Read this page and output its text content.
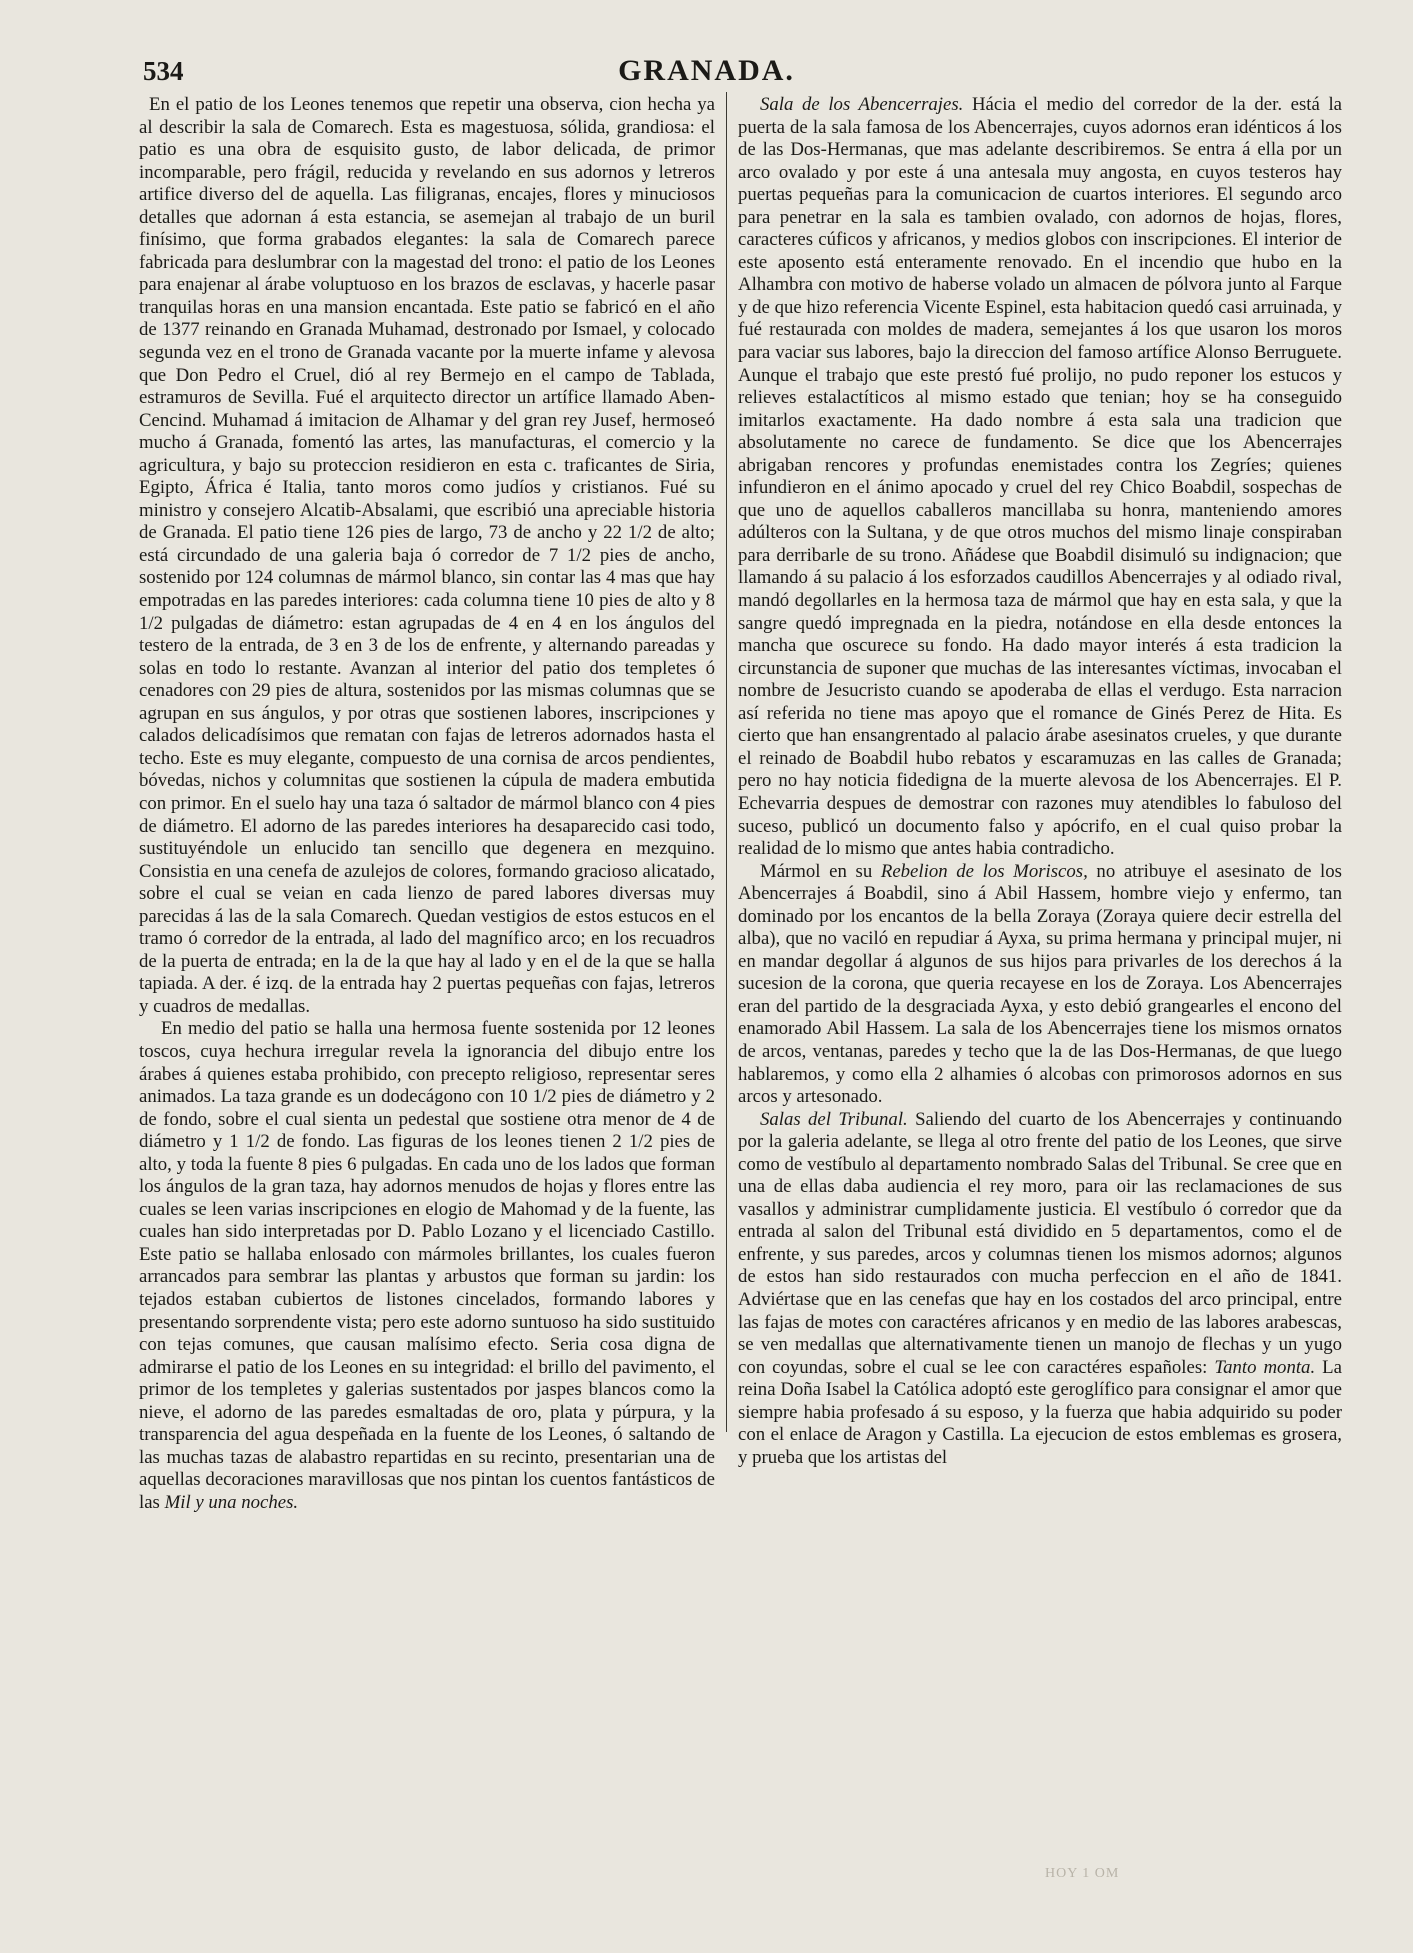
534	GRANADA.

En el patio de los Leones tenemos que repetir una observa, cion hecha ya al describir la sala de Comarech. Esta es magestuosa, sólida, grandiosa: el patio es una obra de esquisito gusto, de labor delicada, de primor incomparable, pero frágil, reducida y revelando en sus adornos y letreros artifice diverso del de aquella. Las filigranas, encajes, flores y minuciosos detalles que adornan á esta estancia, se asemejan al trabajo de un buril finísimo, que forma grabados elegantes: la sala de Comarech parece fabricada para deslumbrar con la magestad del trono: el patio de los Leones para enajenar al árabe voluptuoso en los brazos de esclavas, y hacerle pasar tranquilas horas en una mansion encantada. Este patio se fabricó en el año de 1377 reinando en Granada Muhamad, destronado por Ismael, y colocado segunda vez en el trono de Granada vacante por la muerte infame y alevosa que Don Pedro el Cruel, dió al rey Bermejo en el campo de Tablada, estramuros de Sevilla. Fué el arquitecto director un artífice llamado Aben-Cencind. Muhamad á imitacion de Alhamar y del gran rey Jusef, hermoseó mucho á Granada, fomentó las artes, las manufacturas, el comercio y la agricultura, y bajo su proteccion residieron en esta c. traficantes de Siria, Egipto, África é Italia, tanto moros como judíos y cristianos. Fué su ministro y consejero Alcatib-Absalami, que escribió una apreciable historia de Granada. El patio tiene 126 pies de largo, 73 de ancho y 22 1/2 de alto; está circundado de una galeria baja ó corredor de 7 1/2 pies de ancho, sostenido por 124 columnas de mármol blanco, sin contar las 4 mas que hay empotradas en las paredes interiores: cada columna tiene 10 pies de alto y 8 1/2 pulgadas de diámetro: estan agrupadas de 4 en 4 en los ángulos del testero de la entrada, de 3 en 3 de los de enfrente, y alternando pareadas y solas en todo lo restante. Avanzan al interior del patio dos templetes ó cenadores con 29 pies de altura, sostenidos por las mismas columnas que se agrupan en sus ángulos, y por otras que sostienen labores, inscripciones y calados delicadísimos que rematan con fajas de letreros adornados hasta el techo. Este es muy elegante, compuesto de una cornisa de arcos pendientes, bóvedas, nichos y columnitas que sostienen la cúpula de madera embutida con primor. En el suelo hay una taza ó saltador de mármol blanco con 4 pies de diámetro. El adorno de las paredes interiores ha desaparecido casi todo, sustituyéndole un enlucido tan sencillo que degenera en mezquino. Consistia en una cenefa de azulejos de colores, formando gracioso alicatado, sobre el cual se veian en cada lienzo de pared labores diversas muy parecidas á las de la sala Comarech. Quedan vestigios de estos estucos en el tramo ó corredor de la entrada, al lado del magnífico arco; en los recuadros de la puerta de entrada; en la de la que hay al lado y en el de la que se halla tapiada. A der. é izq. de la entrada hay 2 puertas pequeñas con fajas, letreros y cuadros de medallas.

En medio del patio se halla una hermosa fuente sostenida por 12 leones toscos, cuya hechura irregular revela la ignorancia del dibujo entre los árabes á quienes estaba prohibido, con precepto religioso, representar seres animados. La taza grande es un dodecágono con 10 1/2 pies de diámetro y 2 de fondo, sobre el cual sienta un pedestal que sostiene otra menor de 4 de diámetro y 1 1/2 de fondo. Las figuras de los leones tienen 2 1/2 pies de alto, y toda la fuente 8 pies 6 pulgadas. En cada uno de los lados que forman los ángulos de la gran taza, hay adornos menudos de hojas y flores entre las cuales se leen varias inscripciones en elogio de Mahomad y de la fuente, las cuales han sido interpretadas por D. Pablo Lozano y el licenciado Castillo. Este patio se hallaba enlosado con mármoles brillantes, los cuales fueron arrancados para sembrar las plantas y arbustos que forman su jardin: los tejados estaban cubiertos de listones cincelados, formando labores y presentando sorprendente vista; pero este adorno suntuoso ha sido sustituido con tejas comunes, que causan malísimo efecto. Seria cosa digna de admirarse el patio de los Leones en su integridad: el brillo del pavimento, el primor de los templetes y galerias sustentados por jaspes blancos como la nieve, el adorno de las paredes esmaltadas de oro, plata y púrpura, y la transparencia del agua despeñada en la fuente de los Leones, ó saltando de las muchas tazas de alabastro repartidas en su recinto, presentarian una de aquellas decoraciones maravillosas que nos pintan los cuentos fantásticos de las Mil y una noches.

Sala de los Abencerrajes. Hácia el medio del corredor de la der. está la puerta de la sala famosa de los Abencerrajes, cuyos adornos eran idénticos á los de las Dos-Hermanas, que mas adelante describiremos. Se entra á ella por un arco ovalado y por este á una antesala muy angosta, en cuyos testeros hay puertas pequeñas para la comunicacion de cuartos interiores. El segundo arco para penetrar en la sala es tambien ovalado, con adornos de hojas, flores, caracteres cúficos y africanos, y medios globos con inscripciones. El interior de este aposento está enteramente renovado. En el incendio que hubo en la Alhambra con motivo de haberse volado un almacen de pólvora junto al Farque y de que hizo referencia Vicente Espinel, esta habitacion quedó casi arruinada, y fué restaurada con moldes de madera, semejantes á los que usaron los moros para vaciar sus labores, bajo la direccion del famoso artífice Alonso Berruguete. Aunque el trabajo que este prestó fué prolijo, no pudo reponer los estucos y relieves estalactíticos al mismo estado que tenian; hoy se ha conseguido imitarlos exactamente. Ha dado nombre á esta sala una tradicion que absolutamente no carece de fundamento. Se dice que los Abencerrajes abrigaban rencores y profundas enemistades contra los Zegríes; quienes infundieron en el ánimo apocado y cruel del rey Chico Boabdil, sospechas de que uno de aquellos caballeros mancillaba su honra, manteniendo amores adúlteros con la Sultana, y de que otros muchos del mismo linaje conspiraban para derribarle de su trono. Añádese que Boabdil disimuló su indignacion; que llamando á su palacio á los esforzados caudillos Abencerrajes y al odiado rival, mandó degollarles en la hermosa taza de mármol que hay en esta sala, y que la sangre quedó impregnada en la piedra, notándose en ella desde entonces la mancha que oscurece su fondo. Ha dado mayor interés á esta tradicion la circunstancia de suponer que muchas de las interesantes víctimas, invocaban el nombre de Jesucristo cuando se apoderaba de ellas el verdugo. Esta narracion así referida no tiene mas apoyo que el romance de Ginés Perez de Hita. Es cierto que han ensangrentado al palacio árabe asesinatos crueles, y que durante el reinado de Boabdil hubo rebatos y escaramuzas en las calles de Granada; pero no hay noticia fidedigna de la muerte alevosa de los Abencerrajes. El P. Echevarria despues de demostrar con razones muy atendibles lo fabuloso del suceso, publicó un documento falso y apócrifo, en el cual quiso probar la realidad de lo mismo que antes habia contradicho.

Mármol en su Rebelion de los Moriscos, no atribuye el asesinato de los Abencerrajes á Boabdil, sino á Abil Hassem, hombre viejo y enfermo, tan dominado por los encantos de la bella Zoraya (Zoraya quiere decir estrella del alba), que no vaciló en repudiar á Ayxa, su prima hermana y principal mujer, ni en mandar degollar á algunos de sus hijos para privarles de los derechos á la sucesion de la corona, que queria recayese en los de Zoraya. Los Abencerrajes eran del partido de la desgraciada Ayxa, y esto debió grangearles el encono del enamorado Abil Hassem. La sala de los Abencerrajes tiene los mismos ornatos de arcos, ventanas, paredes y techo que la de las Dos-Hermanas, de que luego hablaremos, y como ella 2 alhamies ó alcobas con primorosos adornos en sus arcos y artesonado.

Salas del Tribunal. Saliendo del cuarto de los Abencerrajes y continuando por la galeria adelante, se llega al otro frente del patio de los Leones, que sirve como de vestíbulo al departamento nombrado Salas del Tribunal. Se cree que en una de ellas daba audiencia el rey moro, para oir las reclamaciones de sus vasallos y administrar cumplidamente justicia. El vestíbulo ó corredor que da entrada al salon del Tribunal está dividido en 5 departamentos, como el de enfrente, y sus paredes, arcos y columnas tienen los mismos adornos; algunos de estos han sido restaurados con mucha perfeccion en el año de 1841. Adviértase que en las cenefas que hay en los costados del arco principal, entre las fajas de motes con caractéres africanos y en medio de las labores arabescas, se ven medallas que alternativamente tienen un manojo de flechas y un yugo con coyundas, sobre el cual se lee con caractéres españoles: Tanto monta. La reina Doña Isabel la Católica adoptó este geroglífico para consignar el amor que siempre habia profesado á su esposo, y la fuerza que habia adquirido su poder con el enlace de Aragon y Castilla. La ejecucion de estos emblemas es grosera, y prueba que los artistas del

HOY 1 OM
